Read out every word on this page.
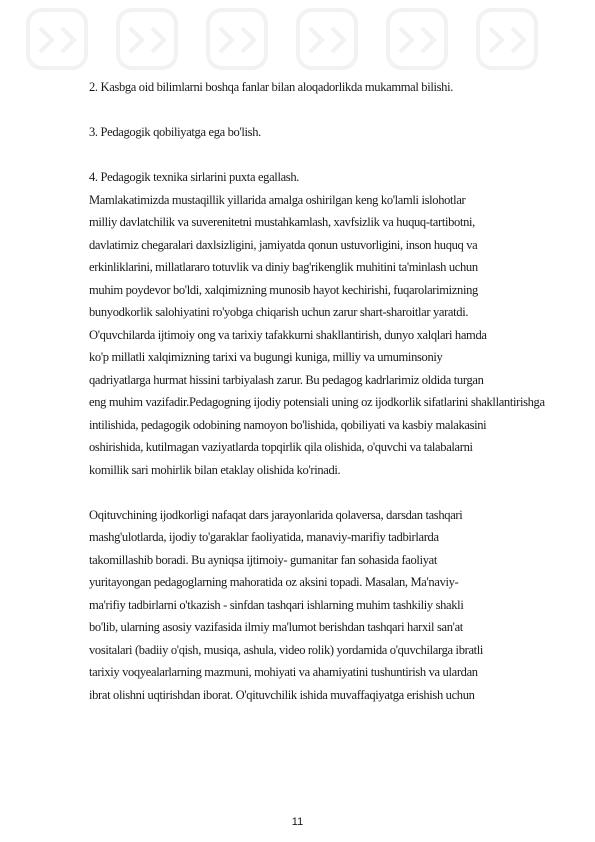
2. Kasbga oid bilimlarni boshqa fanlar bilan aloqadorlikda mukammal bilishi.
3. Pedagogik qobiliyatga ega bo'lish.
4. Pedagogik texnika sirlarini puxta egallash.Mamlakatimizda mustaqillik yillarida amalga oshirilgan keng ko'lamli islohotlarmilliy davlatchilik va suverenitetni mustahkamlash, xavfsizlik va huquq-tartibotni,davlatimiz chegaralari daxlsizligini, jamiyatda qonun ustuvorligini, inson huquq vaerkinliklarini, millatlararo totuvlik va diniy bag'rikenglik muhitini ta'minlash uchunmuhim poydevor bo'ldi, xalqimizning munosib hayot kechirishi, fuqarolarimizningbunyodkorlik salohiyatini ro'yobga chiqarish uchun zarur shart-sharoitlar yaratdi.O'quvchilarda ijtimoiy ong va tarixiy tafakkurni shakllantirish, dunyo xalqlari hamdako'p millatli xalqimizning tarixi va bugungi kuniga, milliy va umuminsoniyqadriyatlarga hurmat hissini tarbiyalash zarur. Bu pedagog kadrlarimiz oldida turganeng muhim vazifadir.Pedagogning ijodiy potensiali uning oz ijodkorlik sifatlarini shakllantirishgaintilishida, pedagogik odobining namoyon bo'lishida, qobiliyati va kasbiy malakasinioshirishida, kutilmagan vaziyatlarda topqirlik qila olishida, o'quvchi va talabalarnikomillik sari mohirlik bilan etaklay olishida ko'rinadi.
Oqituvchining ijodkorligi nafaqat dars jarayonlarida qolaversa, darsdan tashqarimashg'ulotlarda, ijodiy to'garaklar faoliyatida, manaviy-marifiy tadbirlardatakomillashib boradi. Bu ayniqsa ijtimoiy- gumanitar fan sohasida faoliyatyuritayongan pedagoglarning mahoratida oz aksini topadi. Masalan, Ma'naviy-ma'rifiy tadbirlarni o'tkazish - sinfdan tashqari ishlarning muhim tashkiliy shaklibo'lib, ularning asosiy vazifasida ilmiy ma'lumot berishdan tashqari harxil san'atvositalari (badiiy o'qish, musiqa, ashula, video rolik) yordamida o'quvchilarga ibratlitarixiy voqyealarlarning mazmuni, mohiyati va ahamiyatini tushuntirish va ulardanibrat olishni uqtirishdan iborat. O'qituvchilik ishida muvaffaqiyatga erishish uchun
11
